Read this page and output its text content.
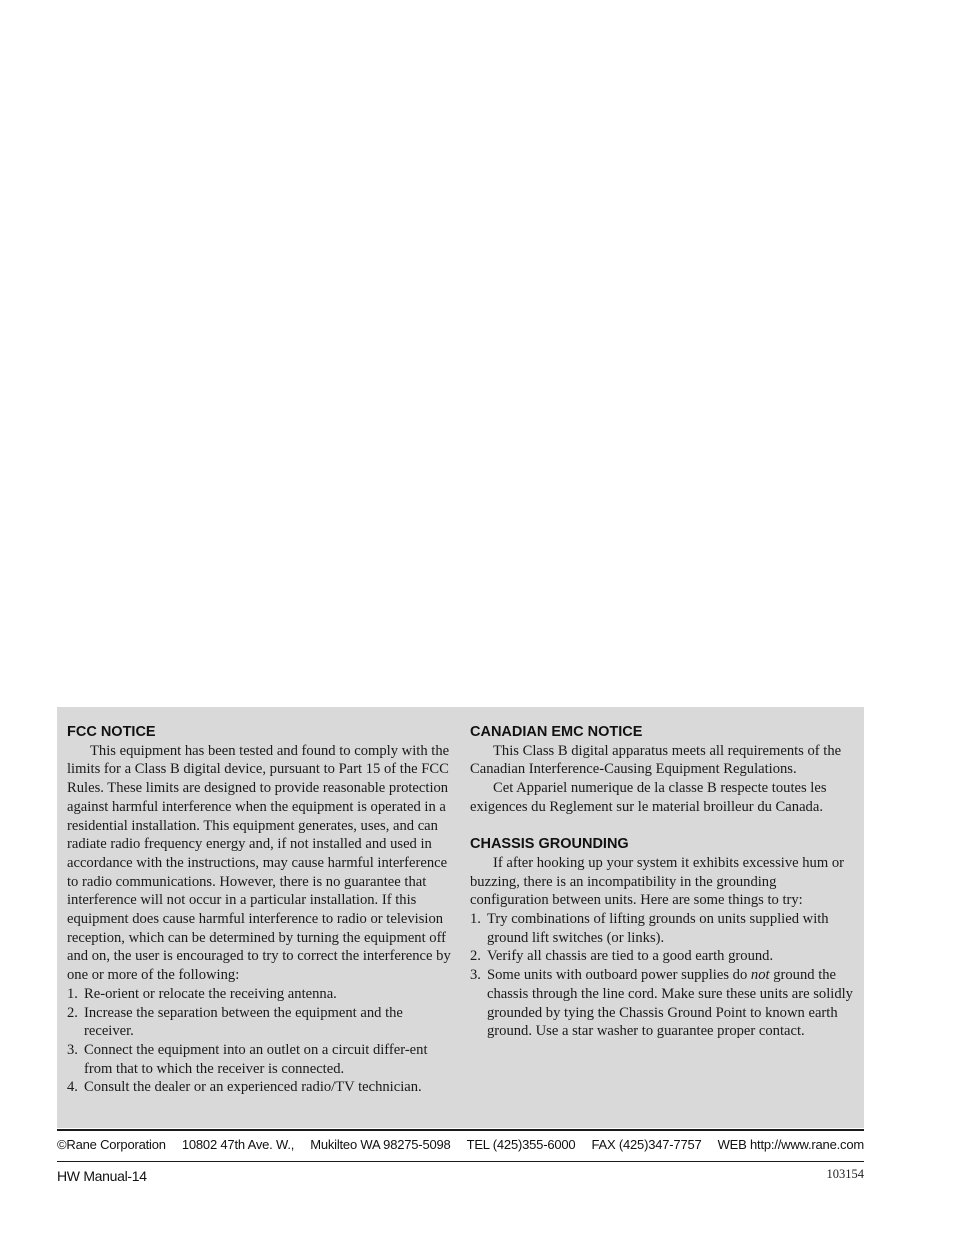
FCC NOTICE

This equipment has been tested and found to comply with the limits for a Class B digital device, pursuant to Part 15 of the FCC Rules. These limits are designed to provide reasonable protection against harmful interference when the equipment is operated in a residential installation. This equipment generates, uses, and can radiate radio frequency energy and, if not installed and used in accordance with the instructions, may cause harmful interference to radio communications. However, there is no guarantee that interference will not occur in a particular installation. If this equipment does cause harmful interference to radio or television reception, which can be determined by turning the equipment off and on, the user is encouraged to try to correct the interference by one or more of the following:

1. Re-orient or relocate the receiving antenna.
2. Increase the separation between the equipment and the receiver.
3. Connect the equipment into an outlet on a circuit differ-ent from that to which the receiver is connected.
4. Consult the dealer or an experienced radio/TV technician.
CANADIAN EMC NOTICE

This Class B digital apparatus meets all requirements of the Canadian Interference-Causing Equipment Regulations.

Cet Appariel numerique de la classe B respecte toutes les exigences du Reglement sur le material broilleur du Canada.

CHASSIS GROUNDING

If after hooking up your system it exhibits excessive hum or buzzing, there is an incompatibility in the grounding configuration between units. Here are some things to try:

1. Try combinations of lifting grounds on units supplied with ground lift switches (or links).
2. Verify all chassis are tied to a good earth ground.
3. Some units with outboard power supplies do not ground the chassis through the line cord. Make sure these units are solidly grounded by tying the Chassis Ground Point to known earth ground. Use a star washer to guarantee proper contact.
©Rane Corporation 10802 47th Ave. W., Mukilteo WA 98275-5098 TEL (425)355-6000 FAX (425)347-7757 WEB http://www.rane.com
HW Manual-14	103154
